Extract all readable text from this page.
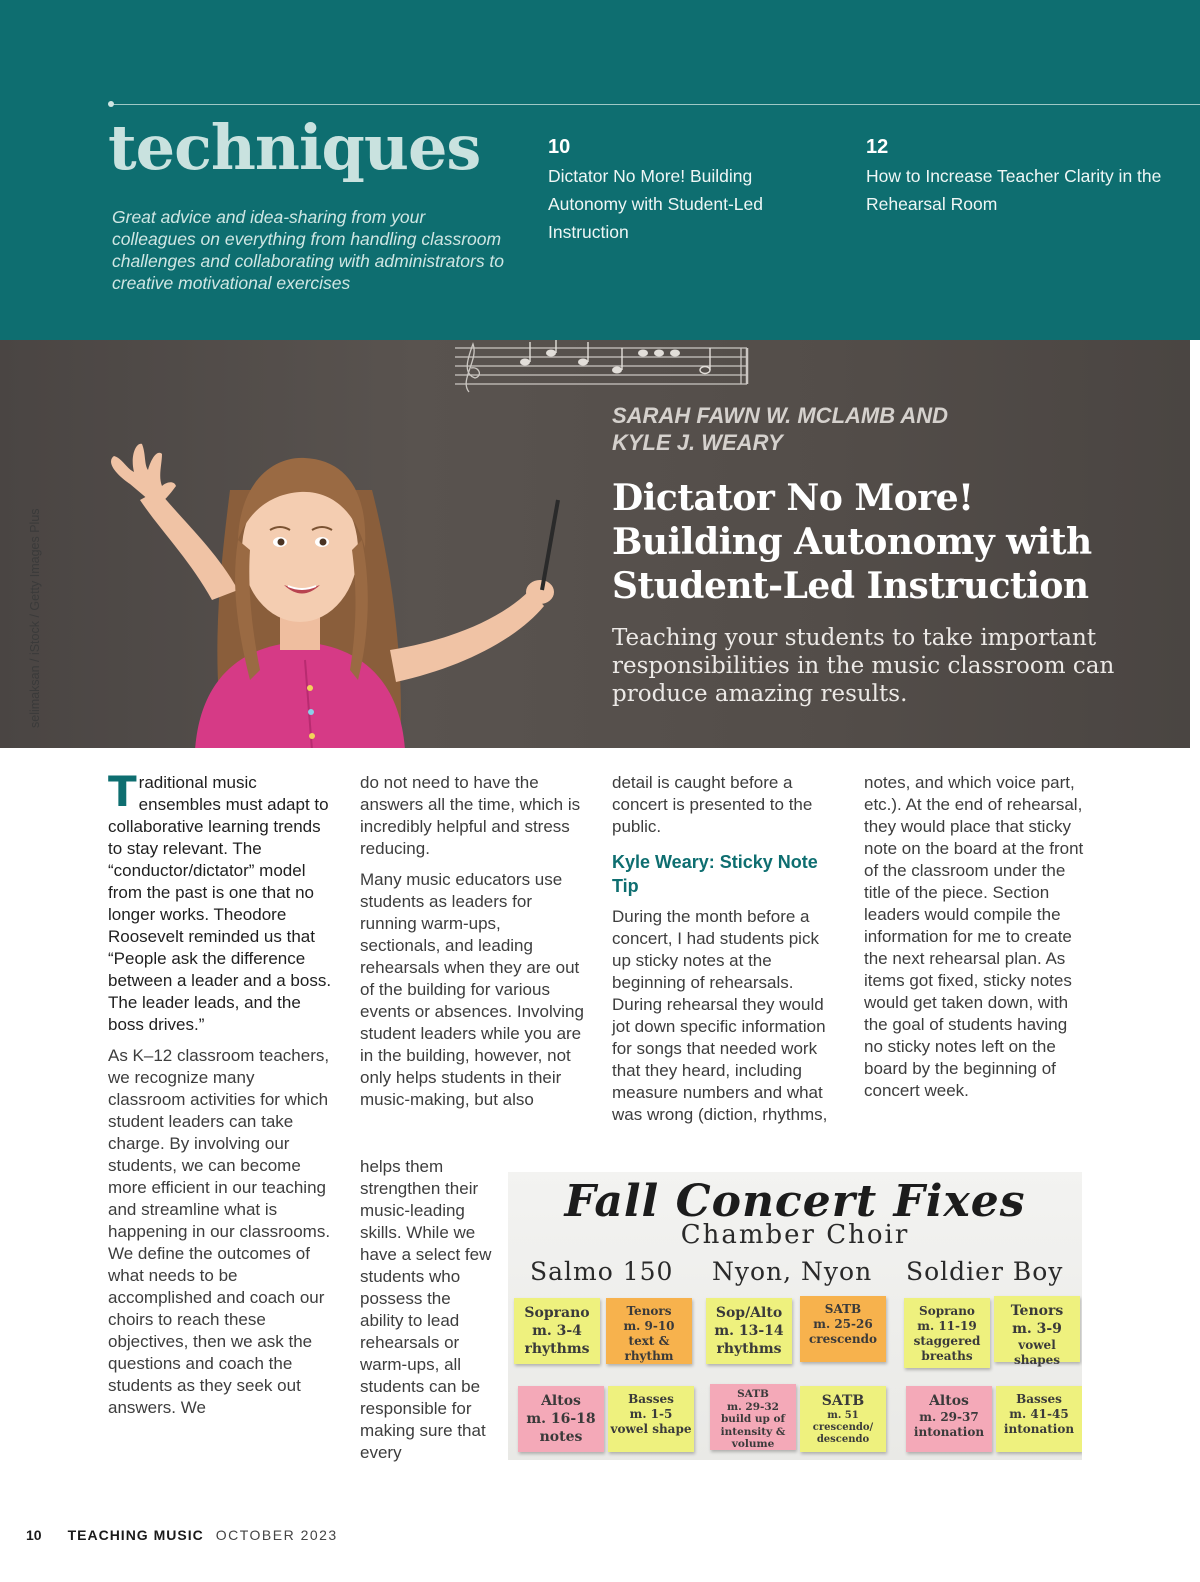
techniques
Great advice and idea-sharing from your colleagues on everything from handling classroom challenges and collaborating with administrators to creative motivational exercises
10
Dictator No More! Building Autonomy with Student-Led Instruction
12
How to Increase Teacher Clarity in the Rehearsal Room
selimaksan / iStock / Getty Images Plus
SARAH FAWN W. MCLAMB AND
KYLE J. WEARY
Dictator No More!
Building Autonomy with
Student-Led Instruction
Teaching your students to take important responsibilities in the music classroom can produce amazing results.

Traditional music ensembles must adapt to collaborative learning trends to stay relevant. The “conductor/dictator” model from the past is one that no longer works. Theodore Roosevelt reminded us that “People ask the difference between a leader and a boss. The leader leads, and the boss drives.”

As K–12 classroom teachers, we recognize many classroom activities for which student leaders can take charge. By involving our students, we can become more efficient in our teaching and streamline what is happening in our classrooms. We define the outcomes of what needs to be accomplished and coach our choirs to reach these objectives, then we ask the questions and coach the students as they seek out answers. We

do not need to have the answers all the time, which is incredibly helpful and stress reducing.

Many music educators use students as leaders for running warm-ups, sectionals, and leading rehearsals when they are out of the building for various events or absences. Involving student leaders while you are in the building, however, not only helps students in their music-making, but also

helps them strengthen their music-leading skills. While we have a select few students who possess the ability to lead rehearsals or warm-ups, all students can be responsible for making sure that every

detail is caught before a concert is presented to the public.

Kyle Weary: Sticky Note Tip

During the month before a concert, I had students pick up sticky notes at the beginning of rehearsals. During rehearsal they would jot down specific information for songs that needed work that they heard, including measure numbers and what was wrong (diction, rhythms,

notes, and which voice part, etc.). At the end of rehearsal, they would place that sticky note on the board at the front of the classroom under the title of the piece. Section leaders would compile the information for me to create the next rehearsal plan. As items got fixed, sticky notes would get taken down, with the goal of students having no sticky notes left on the board by the beginning of concert week.

Fall Concert Fixes
Chamber Choir
Salmo 150 Nyon, Nyon Soldier Boy
Soprano
m. 3-4
rhythms
Tenors
m. 9-10
text & rhythm
Sop/Alto
m. 13-14
rhythms
SATB
m. 25-26
crescendo
Soprano
m. 11-19
staggered breaths
Tenors
m. 3-9
vowel shapes
Altos
m. 16-18
notes
Basses
m. 1-5
vowel shape
SATB
m. 29-32
build up of intensity & volume
SATB
m. 51
crescendo/ descendo
Altos
m. 29-37
intonation
Basses
m. 41-45
intonation
10 TEACHING MUSIC OCTOBER 2023
